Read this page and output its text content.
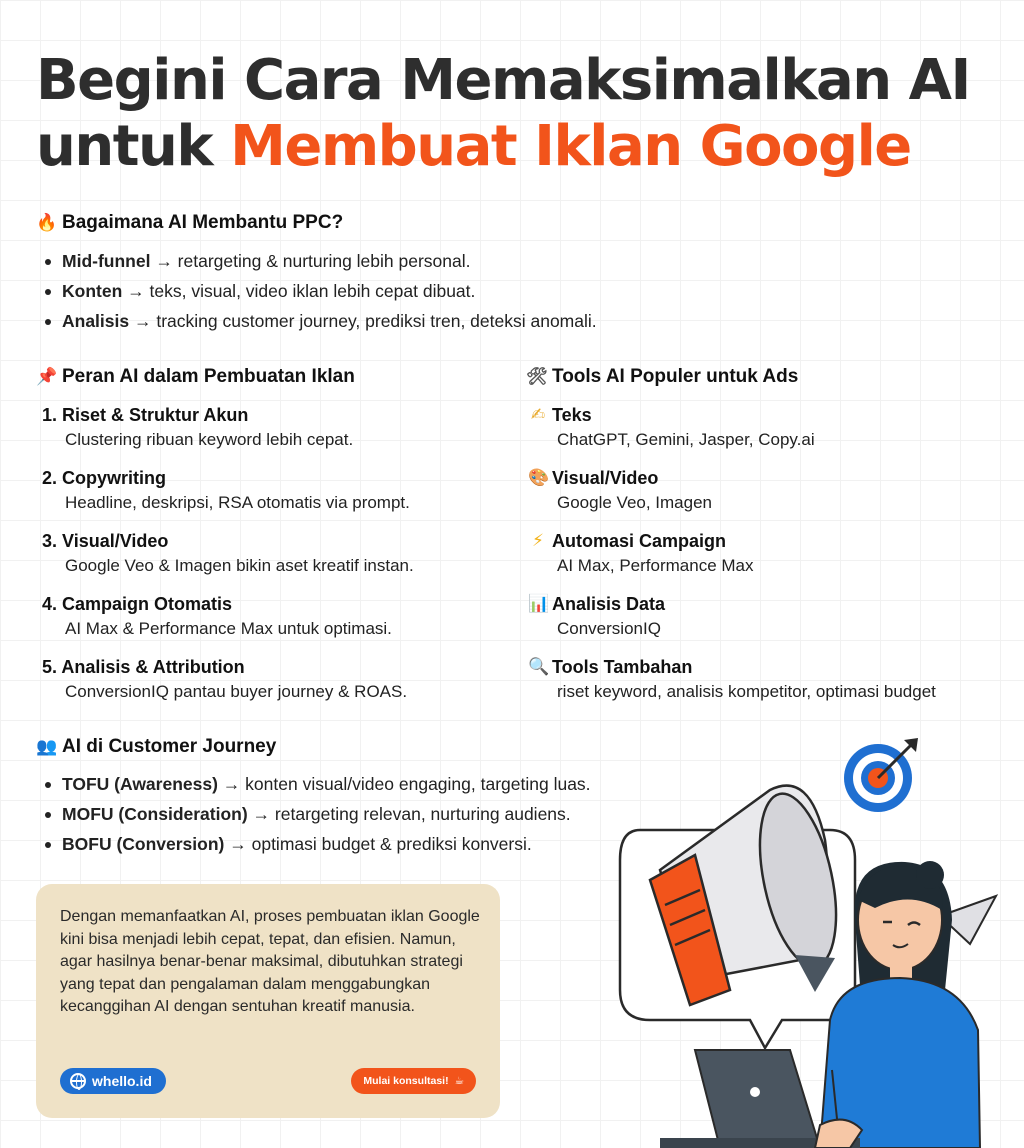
Begini Cara Memaksimalkan AI
untuk Membuat Iklan Google
🔥 Bagaimana AI Membantu PPC?
Mid-funnel → retargeting & nurturing lebih personal.
Konten → teks, visual, video iklan lebih cepat dibuat.
Analisis → tracking customer journey, prediksi tren, deteksi anomali.
📌 Peran AI dalam Pembuatan Iklan
1. Riset & Struktur Akun
Clustering ribuan keyword lebih cepat.
2. Copywriting
Headline, deskripsi, RSA otomatis via prompt.
3. Visual/Video
Google Veo & Imagen bikin aset kreatif instan.
4. Campaign Otomatis
AI Max & Performance Max untuk optimasi.
5. Analisis & Attribution
ConversionIQ pantau buyer journey & ROAS.
🛠 Tools AI Populer untuk Ads
✍ Teks
ChatGPT, Gemini, Jasper, Copy.ai
🎨 Visual/Video
Google Veo, Imagen
⚡ Automasi Campaign
AI Max, Performance Max
📊 Analisis Data
ConversionIQ
🔍 Tools Tambahan
riset keyword, analisis kompetitor, optimasi budget
👥 AI di Customer Journey
TOFU (Awareness) → konten visual/video engaging, targeting luas.
MOFU (Consideration) → retargeting relevan, nurturing audiens.
BOFU (Conversion) → optimasi budget & prediksi konversi.

Dengan memanfaatkan AI, proses pembuatan iklan Google kini bisa menjadi lebih cepat, tepat, dan efisien. Namun, agar hasilnya benar-benar maksimal, dibutuhkan strategi yang tepat dan pengalaman dalam menggabungkan kecanggihan AI dengan sentuhan kreatif manusia.

whello.id	Mulai konsultasi! ☕
